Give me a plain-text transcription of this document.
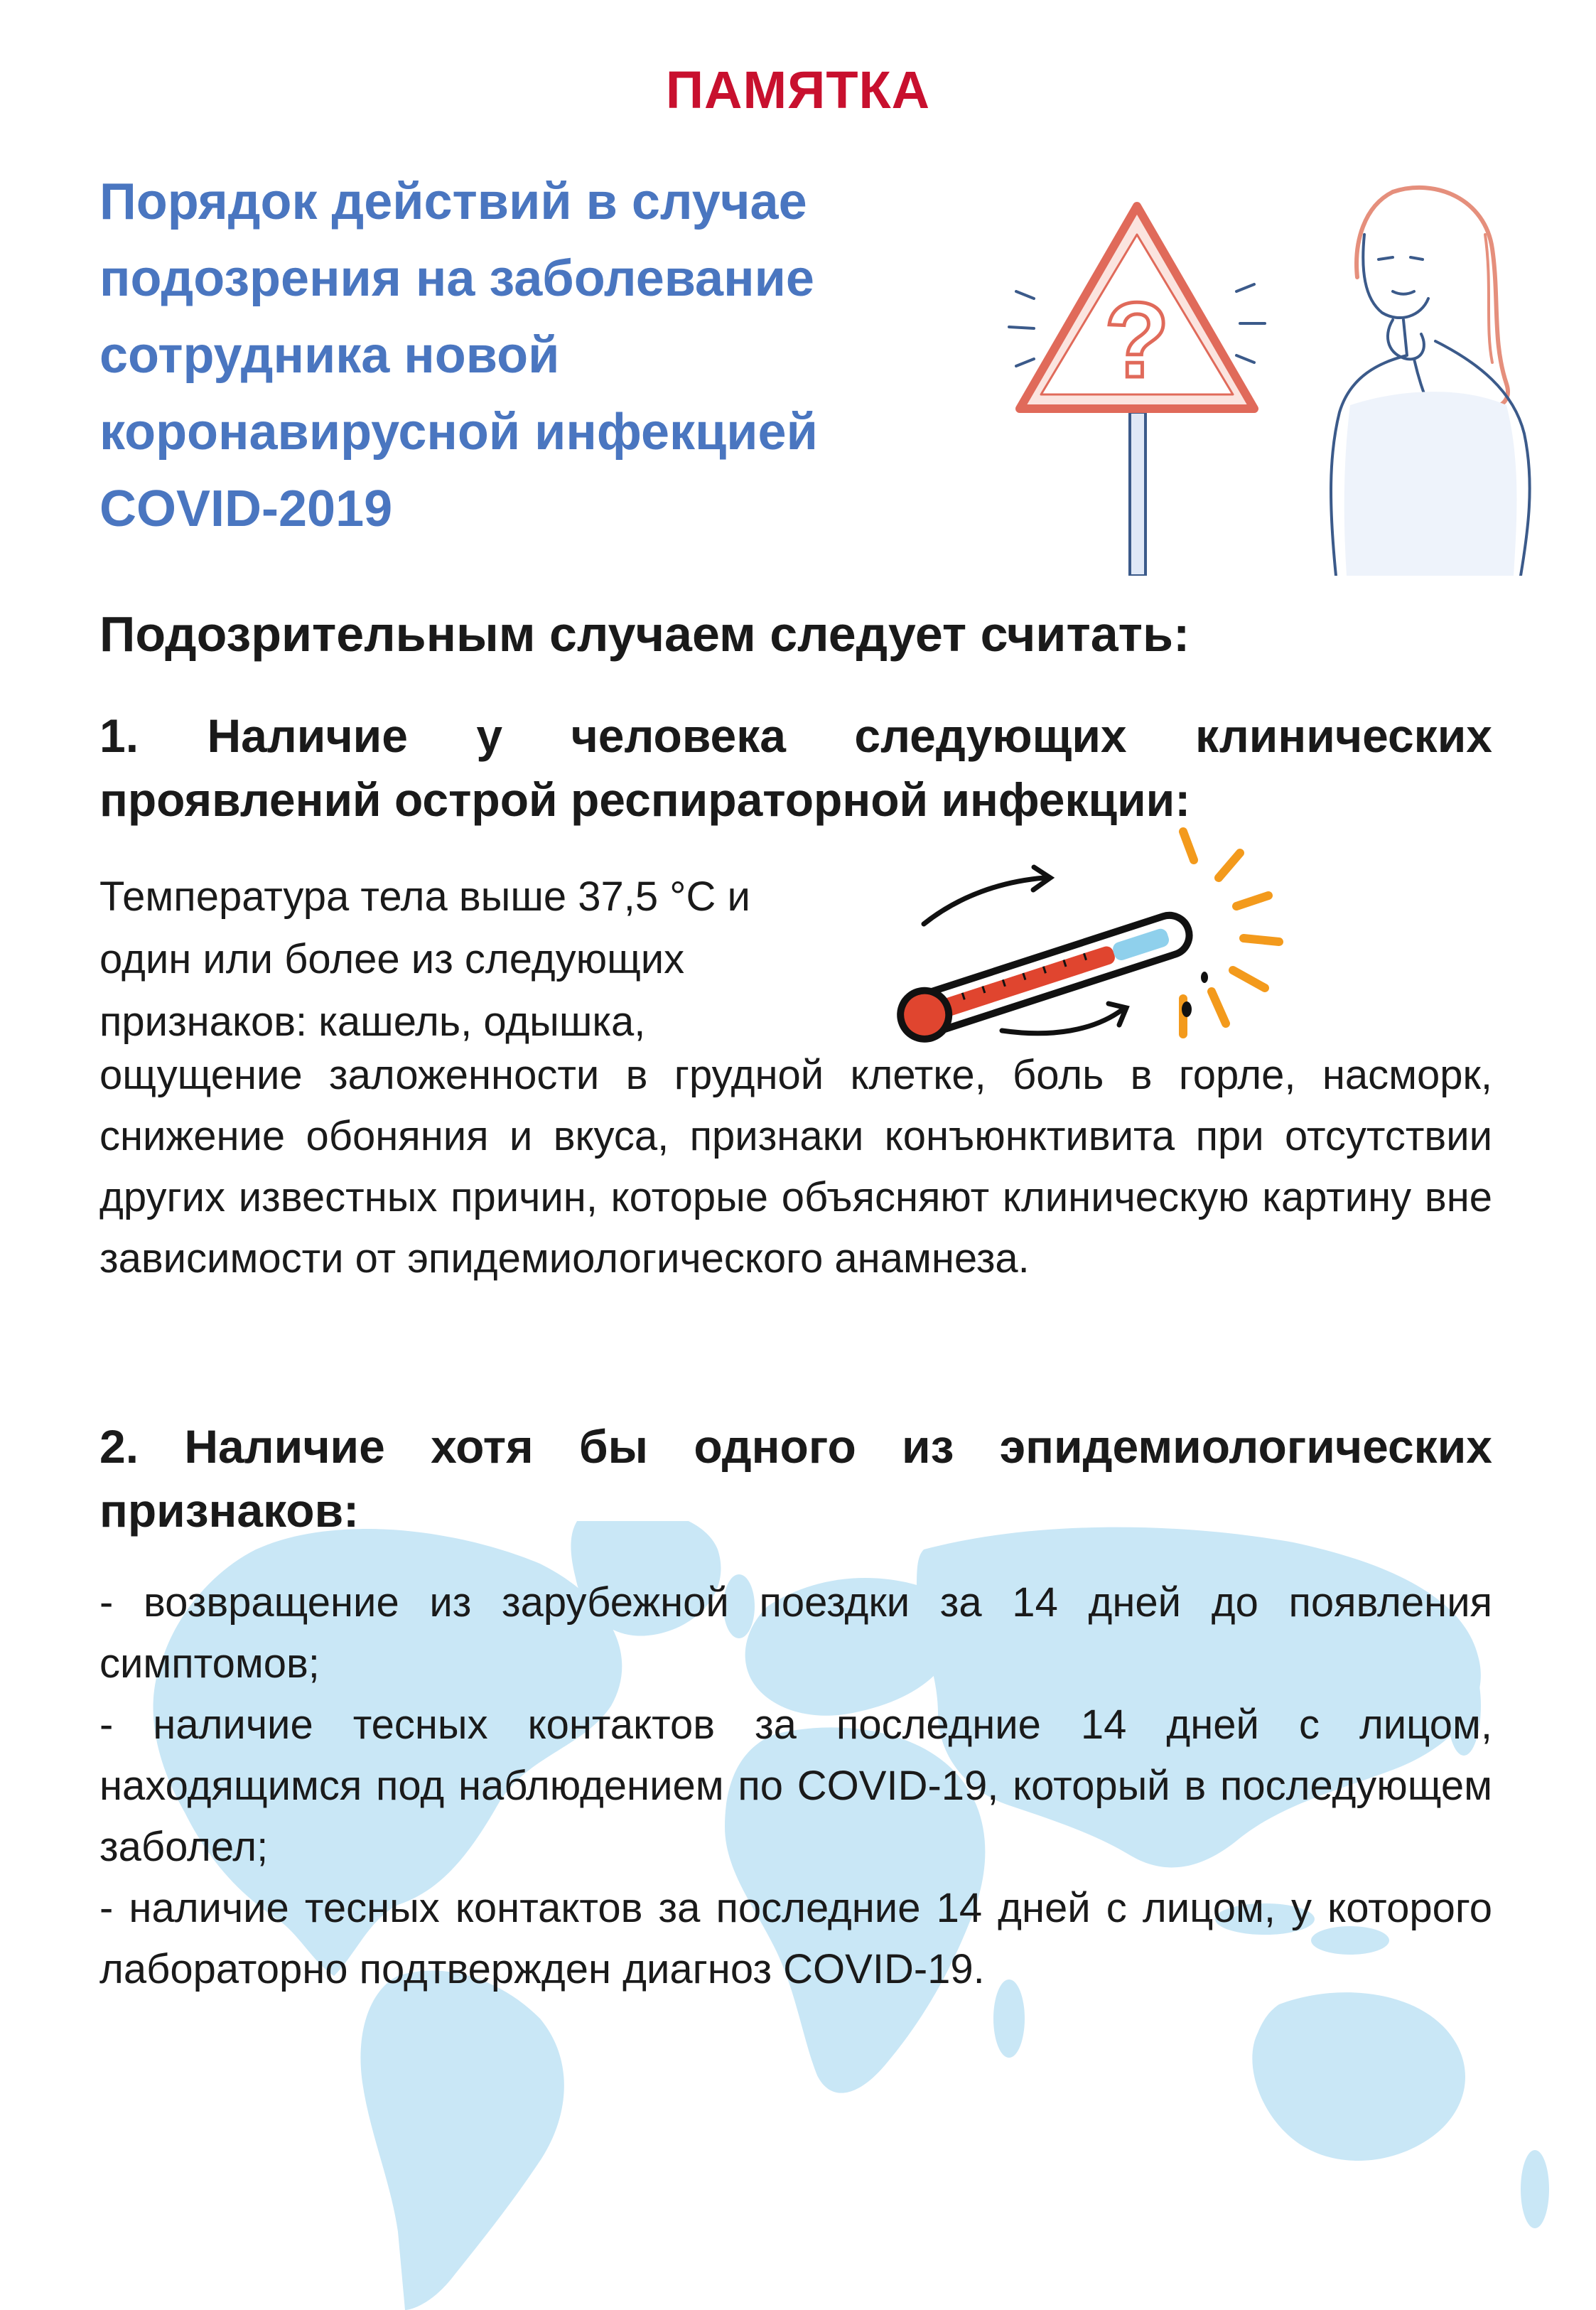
ПАМЯТКА
Порядок действий в случае подозрения на заболевание сотрудника новой коронавирусной инфекцией COVID-2019
?
Подозрительным случаем следует считать:
1. Наличие у человека следующих клинических проявлений острой респираторной инфекции:
Температура тела выше 37,5 °С и один или более из следующих признаков: кашель, одышка,
ощущение заложенности в грудной клетке, боль в горле, насморк, снижение обоняния и вкуса, признаки конъюнктивита при отсутствии других известных причин, которые объясняют клиническую картину вне зависимости от эпидемиологического анамнеза.
2. Наличие хотя бы одного из эпидемиологических признаков:
- возвращение из зарубежной поездки за 14 дней до появления симптомов;
- наличие тесных контактов за последние 14 дней с лицом, находящимся под наблюдением по COVID-19, который в последующем заболел;
- наличие тесных контактов за последние 14 дней с лицом, у которого лабораторно подтвержден диагноз COVID-19.
